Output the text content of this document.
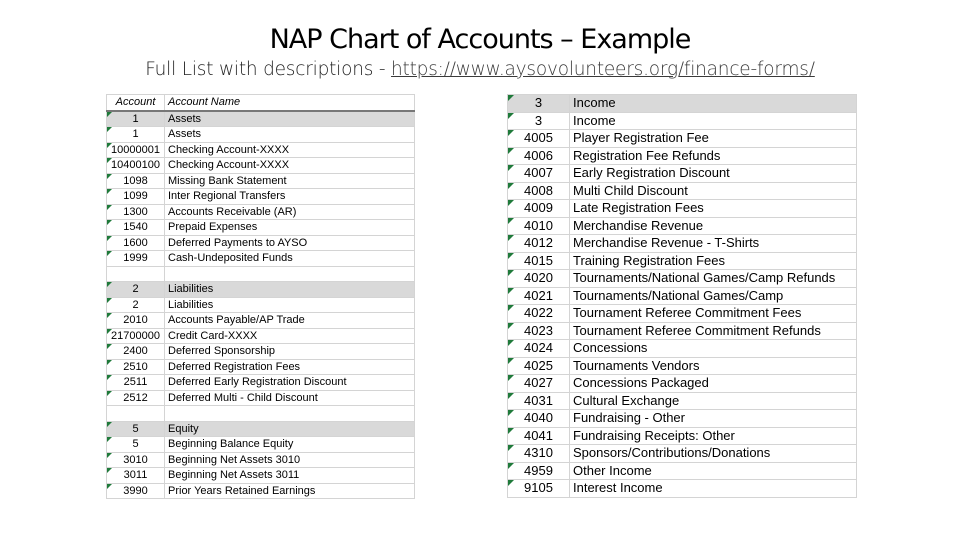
NAP Chart of Accounts – Example
Full List with descriptions - https://www.aysovolunteers.org/finance-forms/
Account	Account Name

1	Assets

1	Assets

10000001	Checking Account-XXXX

10400100	Checking Account-XXXX

1098	Missing Bank Statement

1099	Inter Regional Transfers

1300	Accounts Receivable (AR)

1540	Prepaid Expenses

1600	Deferred Payments to AYSO

1999	Cash-Undeposited Funds

2	Liabilities

2	Liabilities

2010	Accounts Payable/AP Trade

21700000	Credit Card-XXXX

2400	Deferred Sponsorship

2510	Deferred Registration Fees

2511	Deferred Early Registration Discount

2512	Deferred Multi - Child Discount

5	Equity

5	Beginning Balance Equity

3010	Beginning Net Assets 3010

3011	Beginning Net Assets 3011

3990	Prior Years Retained Earnings
3	Income

3	Income

4005	Player Registration Fee

4006	Registration Fee Refunds

4007	Early Registration Discount

4008	Multi Child Discount

4009	Late Registration Fees

4010	Merchandise Revenue

4012	Merchandise Revenue - T-Shirts

4015	Training Registration Fees

4020	Tournaments/National Games/Camp Refunds

4021	Tournaments/National Games/Camp

4022	Tournament Referee Commitment Fees

4023	Tournament Referee Commitment Refunds

4024	Concessions

4025	Tournaments Vendors

4027	Concessions Packaged

4031	Cultural Exchange

4040	Fundraising - Other

4041	Fundraising Receipts: Other

4310	Sponsors/Contributions/Donations

4959	Other Income

9105	Interest Income
